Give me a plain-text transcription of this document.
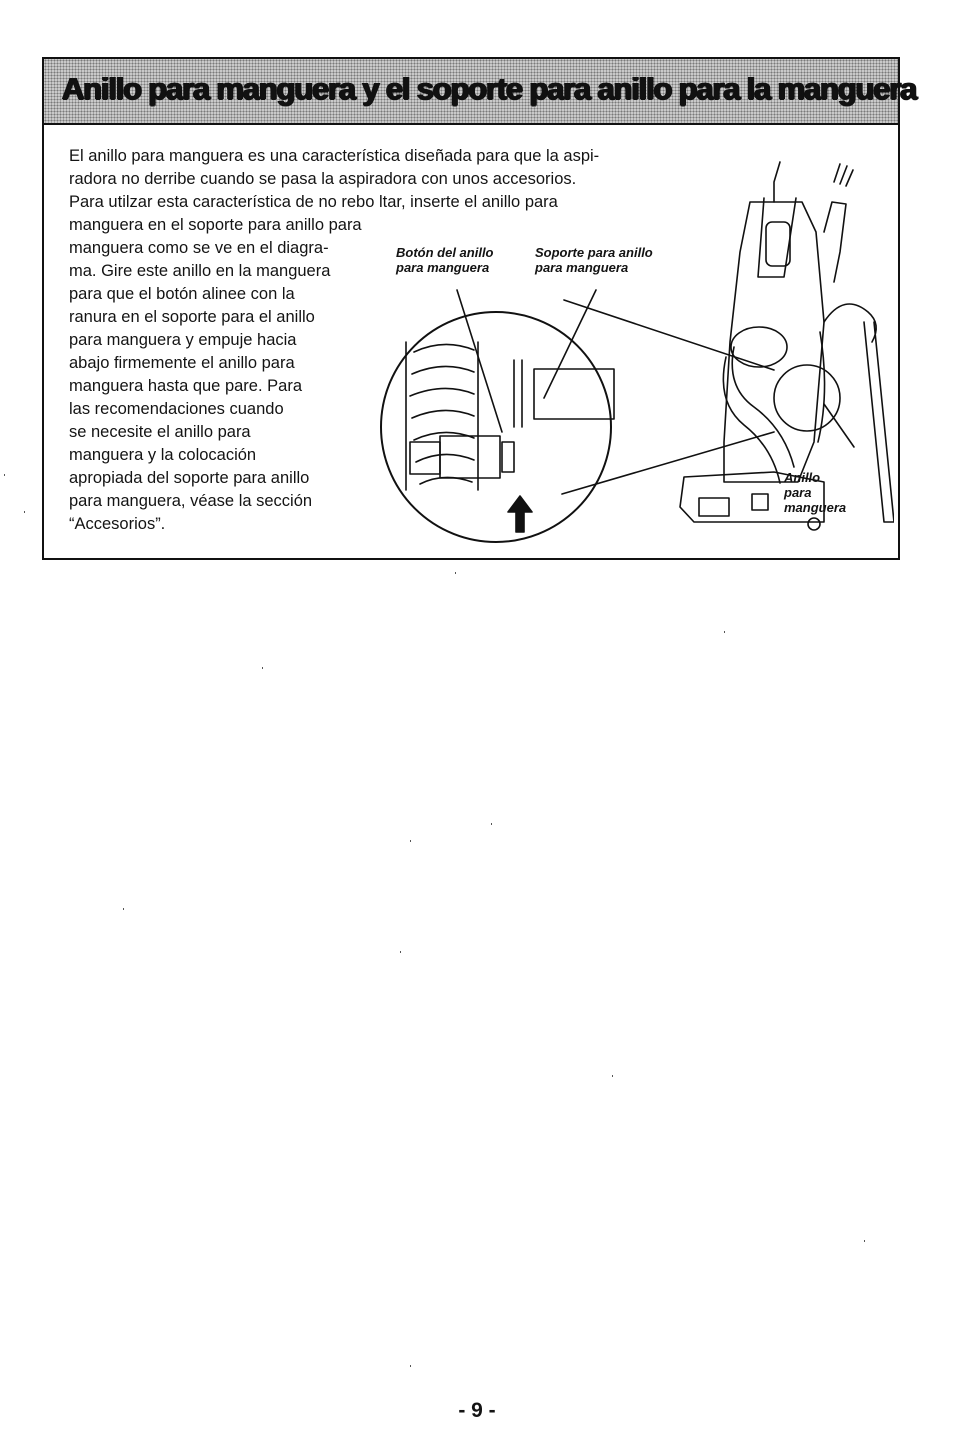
Anillo para manguera y el soporte para anillo para la manguera
El anillo para manguera es una característica diseñada para que la aspi-
radora no derribe cuando se pasa la aspiradora con unos accesorios.
Para utilzar esta característica de no rebo ltar, inserte el anillo para
manguera en el soporte para anillo para
manguera como se ve en el diagra-
ma. Gire este anillo en la manguera
para que el botón alinee con la
ranura en el soporte para el anillo
para manguera y empuje hacia
abajo firmemente el anillo para
manguera hasta que pare. Para
las recomendaciones cuando
se necesite el anillo para
manguera y la colocación
apropiada del soporte para anillo
para manguera, véase la sección
“Accesorios”.
Botón del anillo
para manguera
Soporte para anillo
para manguera
Anillo
para
manguera
- 9 -
